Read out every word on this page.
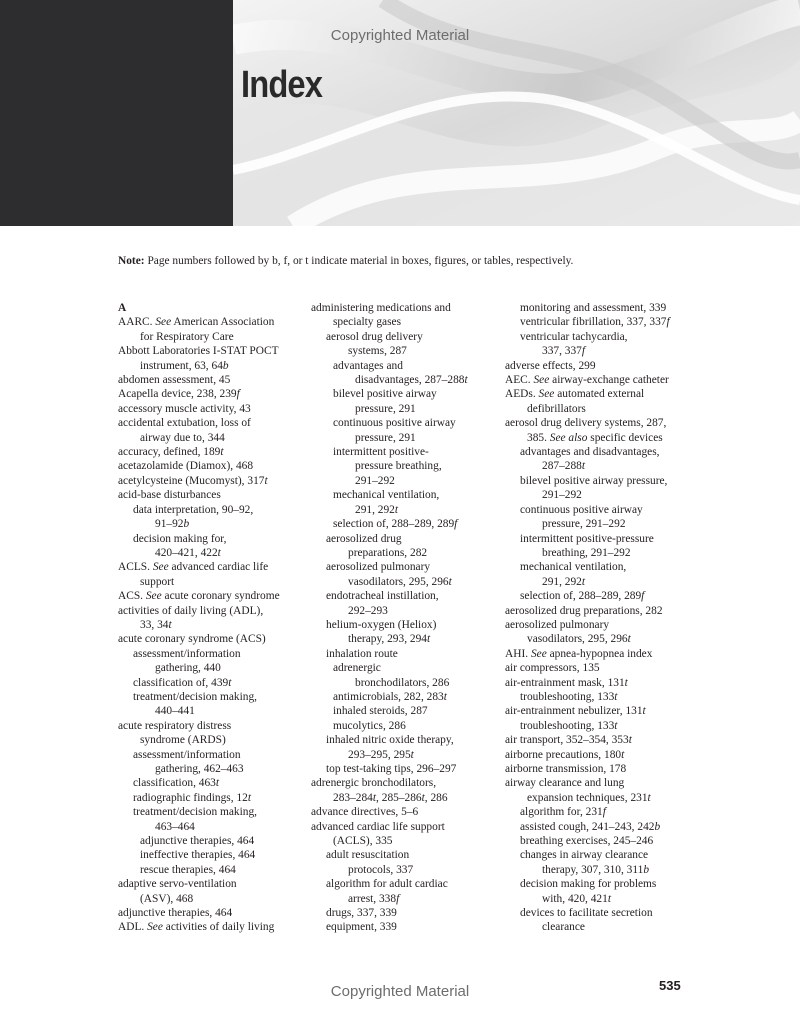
Copyrighted Material
Index
Note: Page numbers followed by b, f, or t indicate material in boxes, figures, or tables, respectively.
A
AARC. See American Association
for Respiratory Care
Abbott Laboratories I-STAT POCT
instrument, 63, 64b
abdomen assessment, 45
Acapella device, 238, 239f
accessory muscle activity, 43
accidental extubation, loss of
airway due to, 344
accuracy, defined, 189t
acetazolamide (Diamox), 468
acetylcysteine (Mucomyst), 317t
acid-base disturbances
data interpretation, 90–92,
91–92b
decision making for,
420–421, 422t
ACLS. See advanced cardiac life
support
ACS. See acute coronary syndrome
activities of daily living (ADL),
33, 34t
acute coronary syndrome (ACS)
assessment/information
gathering, 440
classification of, 439t
treatment/decision making,
440–441
acute respiratory distress
syndrome (ARDS)
assessment/information
gathering, 462–463
classification, 463t
radiographic findings, 12t
treatment/decision making,
463–464
adjunctive therapies, 464
ineffective therapies, 464
rescue therapies, 464
adaptive servo-ventilation
(ASV), 468
adjunctive therapies, 464
ADL. See activities of daily living
administering medications and
specialty gases
aerosol drug delivery
systems, 287
advantages and
disadvantages, 287–288t
bilevel positive airway
pressure, 291
continuous positive airway
pressure, 291
intermittent positive-
pressure breathing,
291–292
mechanical ventilation,
291, 292t
selection of, 288–289, 289f
aerosolized drug
preparations, 282
aerosolized pulmonary
vasodilators, 295, 296t
endotracheal instillation,
292–293
helium-oxygen (Heliox)
therapy, 293, 294t
inhalation route
adrenergic
bronchodilators, 286
antimicrobials, 282, 283t
inhaled steroids, 287
mucolytics, 286
inhaled nitric oxide therapy,
293–295, 295t
top test-taking tips, 296–297
adrenergic bronchodilators,
283–284t, 285–286t, 286
advance directives, 5–6
advanced cardiac life support
(ACLS), 335
adult resuscitation
protocols, 337
algorithm for adult cardiac
arrest, 338f
drugs, 337, 339
equipment, 339
monitoring and assessment, 339
ventricular fibrillation, 337, 337f
ventricular tachycardia,
337, 337f
adverse effects, 299
AEC. See airway-exchange catheter
AEDs. See automated external
defibrillators
aerosol drug delivery systems, 287,
385. See also specific devices
advantages and disadvantages,
287–288t
bilevel positive airway pressure,
291–292
continuous positive airway
pressure, 291–292
intermittent positive-pressure
breathing, 291–292
mechanical ventilation,
291, 292t
selection of, 288–289, 289f
aerosolized drug preparations, 282
aerosolized pulmonary
vasodilators, 295, 296t
AHI. See apnea-hypopnea index
air compressors, 135
air-entrainment mask, 131t
troubleshooting, 133t
air-entrainment nebulizer, 131t
troubleshooting, 133t
air transport, 352–354, 353t
airborne precautions, 180t
airborne transmission, 178
airway clearance and lung
expansion techniques, 231t
algorithm for, 231f
assisted cough, 241–243, 242b
breathing exercises, 245–246
changes in airway clearance
therapy, 307, 310, 311b
decision making for problems
with, 420, 421t
devices to facilitate secretion
clearance
Copyrighted Material	535
